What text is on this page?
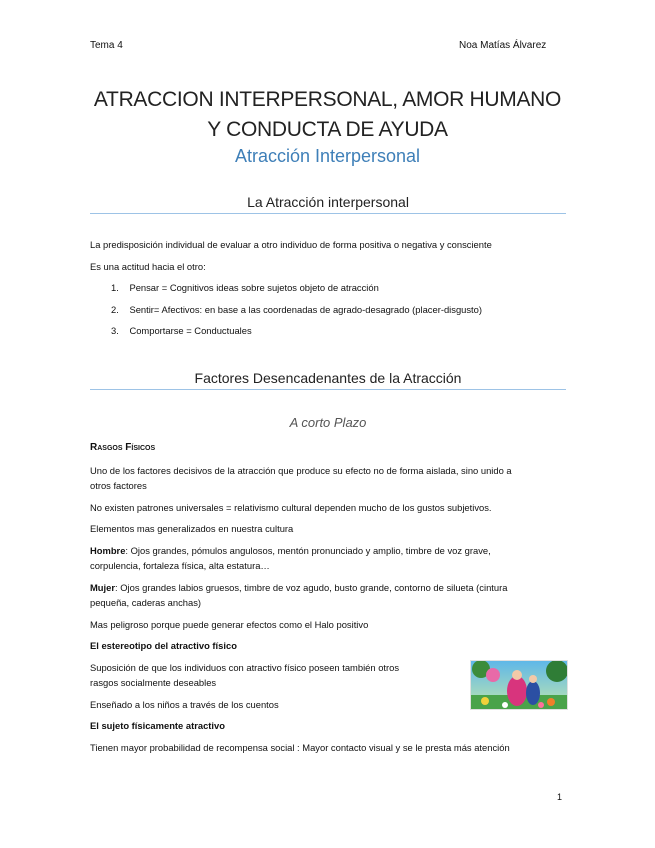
Tema 4	Noa Matías Álvarez
ATRACCION INTERPERSONAL, AMOR HUMANO
Y CONDUCTA DE AYUDA
Atracción Interpersonal
La Atracción interpersonal
La predisposición individual de evaluar a otro individuo de forma positiva o negativa y consciente
Es una actitud hacia el otro:
1. Pensar = Cognitivos ideas sobre sujetos objeto de atracción
2. Sentir= Afectivos: en base a las coordenadas de agrado-desagrado (placer-disgusto)
3. Comportarse = Conductuales
Factores Desencadenantes de la Atracción
A corto Plazo
Rasgos Físicos
Uno de los factores decisivos de la atracción que produce su efecto no de forma aislada, sino unido a
otros factores
No existen patrones universales = relativismo cultural dependen mucho de los gustos subjetivos.
Elementos mas generalizados en nuestra cultura
Hombre: Ojos grandes, pómulos angulosos, mentón pronunciado y amplio, timbre de voz grave,
corpulencia, fortaleza física, alta estatura…
Mujer: Ojos grandes labios gruesos, timbre de voz agudo, busto grande, contorno de silueta (cintura
pequeña, caderas anchas)
Mas peligroso porque puede generar efectos como el Halo positivo
El estereotipo del atractivo físico
Suposición de que los individuos con atractivo físico poseen también otros
rasgos socialmente deseables
Enseñado a los niños a través de los cuentos
El sujeto físicamente atractivo
Tienen mayor probabilidad de recompensa social : Mayor contacto visual y se le presta más atención
1
